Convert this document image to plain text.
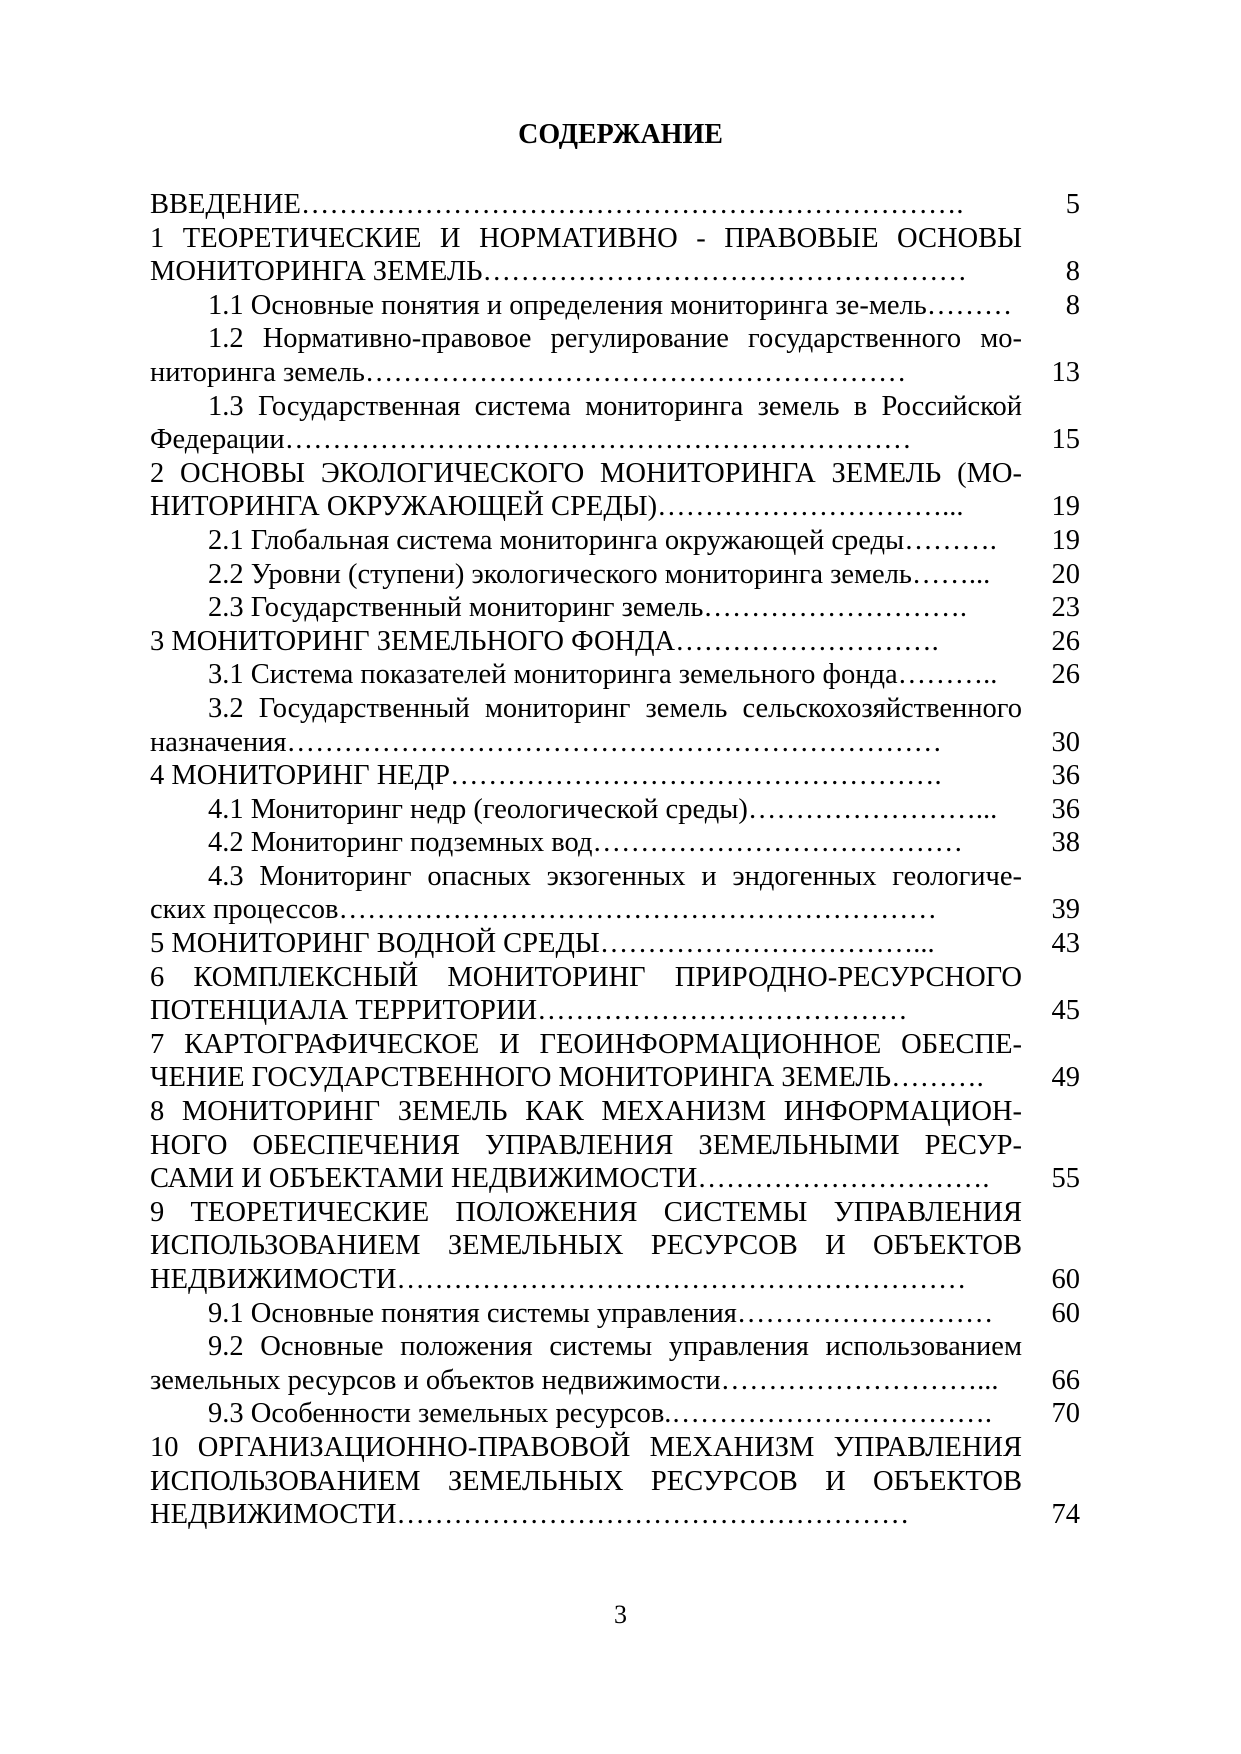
СОДЕРЖАНИЕ
ВВЕДЕНИЕ…………………………………………………………….	5
1 ТЕОРЕТИЧЕСКИЕ И НОРМАТИВНО - ПРАВОВЫЕ ОСНОВЫ МОНИТОРИНГА ЗЕМЕЛЬ……………………………………………	8
1.1 Основные понятия и определения мониторинга зе-мель………	8
1.2 Нормативно-правовое регулирование государственного мо-ниторинга земель…………………………………………………	13
1.3 Государственная система мониторинга земель в Российской Федерации…………………………………………………………	15
2 ОСНОВЫ ЭКОЛОГИЧЕСКОГО МОНИТОРИНГА ЗЕМЕЛЬ (МО-НИТОРИНГА ОКРУЖАЮЩЕЙ СРЕДЫ)…………………………...	19
2.1 Глобальная система мониторинга окружающей среды……….	19
2.2 Уровни (ступени) экологического мониторинга земель……...	20
2.3 Государственный мониторинг земель……………………….	23
3 МОНИТОРИНГ ЗЕМЕЛЬНОГО ФОНДА……………………….	26
3.1 Система показателей мониторинга земельного фонда………..	26
3.2 Государственный мониторинг земель сельскохозяйственного назначения……………………………………………………………	30
4 МОНИТОРИНГ НЕДР…………………………………………….	36
4.1 Мониторинг недр (геологической среды)……………………...	36
4.2 Мониторинг подземных вод…………………………………	38
4.3 Мониторинг опасных экзогенных и эндогенных геологиче-ских процессов………………………………………………………	39
5 МОНИТОРИНГ ВОДНОЙ СРЕДЫ……………………………...	43
6 КОМПЛЕКСНЫЙ МОНИТОРИНГ ПРИРОДНО-РЕСУРСНОГО ПОТЕНЦИАЛА ТЕРРИТОРИИ…………………………………	45
7 КАРТОГРАФИЧЕСКОЕ И ГЕОИНФОРМАЦИОННОЕ ОБЕСПЕ-ЧЕНИЕ ГОСУДАРСТВЕННОГО МОНИТОРИНГА ЗЕМЕЛЬ……….	49
8 МОНИТОРИНГ ЗЕМЕЛЬ КАК МЕХАНИЗМ ИНФОРМАЦИОН-НОГО ОБЕСПЕЧЕНИЯ УПРАВЛЕНИЯ ЗЕМЕЛЬНЫМИ РЕСУР-САМИ И ОБЪЕКТАМИ НЕДВИЖИМОСТИ………………………….	55
9 ТЕОРЕТИЧЕСКИЕ ПОЛОЖЕНИЯ СИСТЕМЫ УПРАВЛЕНИЯ ИСПОЛЬЗОВАНИЕМ ЗЕМЕЛЬНЫХ РЕСУРСОВ И ОБЪЕКТОВ НЕДВИЖИМОСТИ……………………………………………………	60
9.1 Основные понятия системы управления………………………	60
9.2 Основные положения системы управления использованием земельных ресурсов и объектов недвижимости………………………...	66
9.3 Особенности земельных ресурсов.…………………………….	70
10 ОРГАНИЗАЦИОННО-ПРАВОВОЙ МЕХАНИЗМ УПРАВЛЕНИЯ ИСПОЛЬЗОВАНИЕМ ЗЕМЕЛЬНЫХ РЕСУРСОВ И ОБЪЕКТОВ НЕДВИЖИМОСТИ………………………………………………	74
3
